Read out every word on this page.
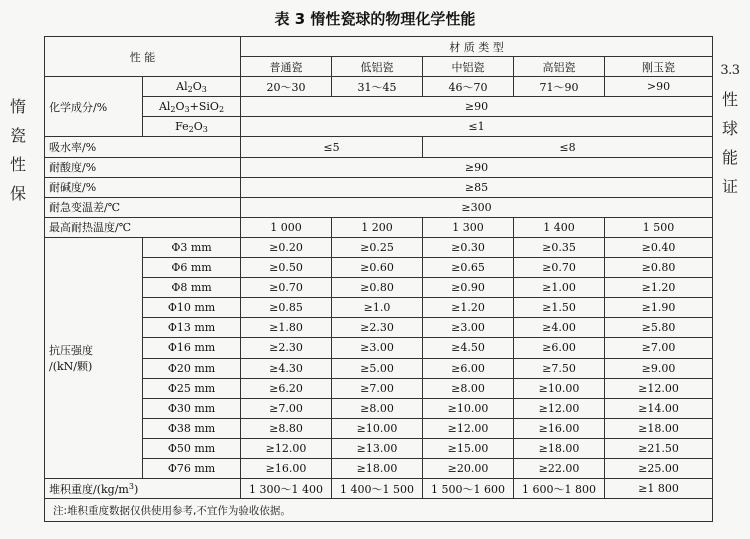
表 3 惰性瓷球的物理化学性能
惰
瓷
性
保
3.3
性
球
能
证
性 能		材 质 类 型				
		普通瓷	低铝瓷	中铝瓷	高铝瓷	刚玉瓷
化学成分/%	$Al_2O_3$	20～30	31～45	46～70	71～90	>90
	$Al_2O_3+SiO_2$	≥90				
	$Fe_2O_3$	≤1				
吸水率/%		≤5		≤8		
耐酸度/%		≥90				
耐碱度/%		≥85				
耐急变温差/℃		≥300				
最高耐热温度/℃		1 000	1 200	1 300	1 400	1 500

抗压强度
/(kN/颗)	Φ3 mm	≥0.20	≥0.25	≥0.30	≥0.35	≥0.40
	Φ6 mm	≥0.50	≥0.60	≥0.65	≥0.70	≥0.80
	Φ8 mm	≥0.70	≥0.80	≥0.90	≥1.00	≥1.20
	Φ10 mm	≥0.85	≥1.0	≥1.20	≥1.50	≥1.90
	Φ13 mm	≥1.80	≥2.30	≥3.00	≥4.00	≥5.80
	Φ16 mm	≥2.30	≥3.00	≥4.50	≥6.00	≥7.00
	Φ20 mm	≥4.30	≥5.00	≥6.00	≥7.50	≥9.00
	Φ25 mm	≥6.20	≥7.00	≥8.00	≥10.00	≥12.00
	Φ30 mm	≥7.00	≥8.00	≥10.00	≥12.00	≥14.00
	Φ38 mm	≥8.80	≥10.00	≥12.00	≥16.00	≥18.00
	Φ50 mm	≥12.00	≥13.00	≥15.00	≥18.00	≥21.50
	Φ76 mm	≥16.00	≥18.00	≥20.00	≥22.00	≥25.00
堆积重度$/(kg/m^3)$		1 300～1 400	1 400～1 500	1 500～1 600	1 600～1 800	≥1 800
注:堆积重度数据仅供使用参考,不宜作为验收依据。						
